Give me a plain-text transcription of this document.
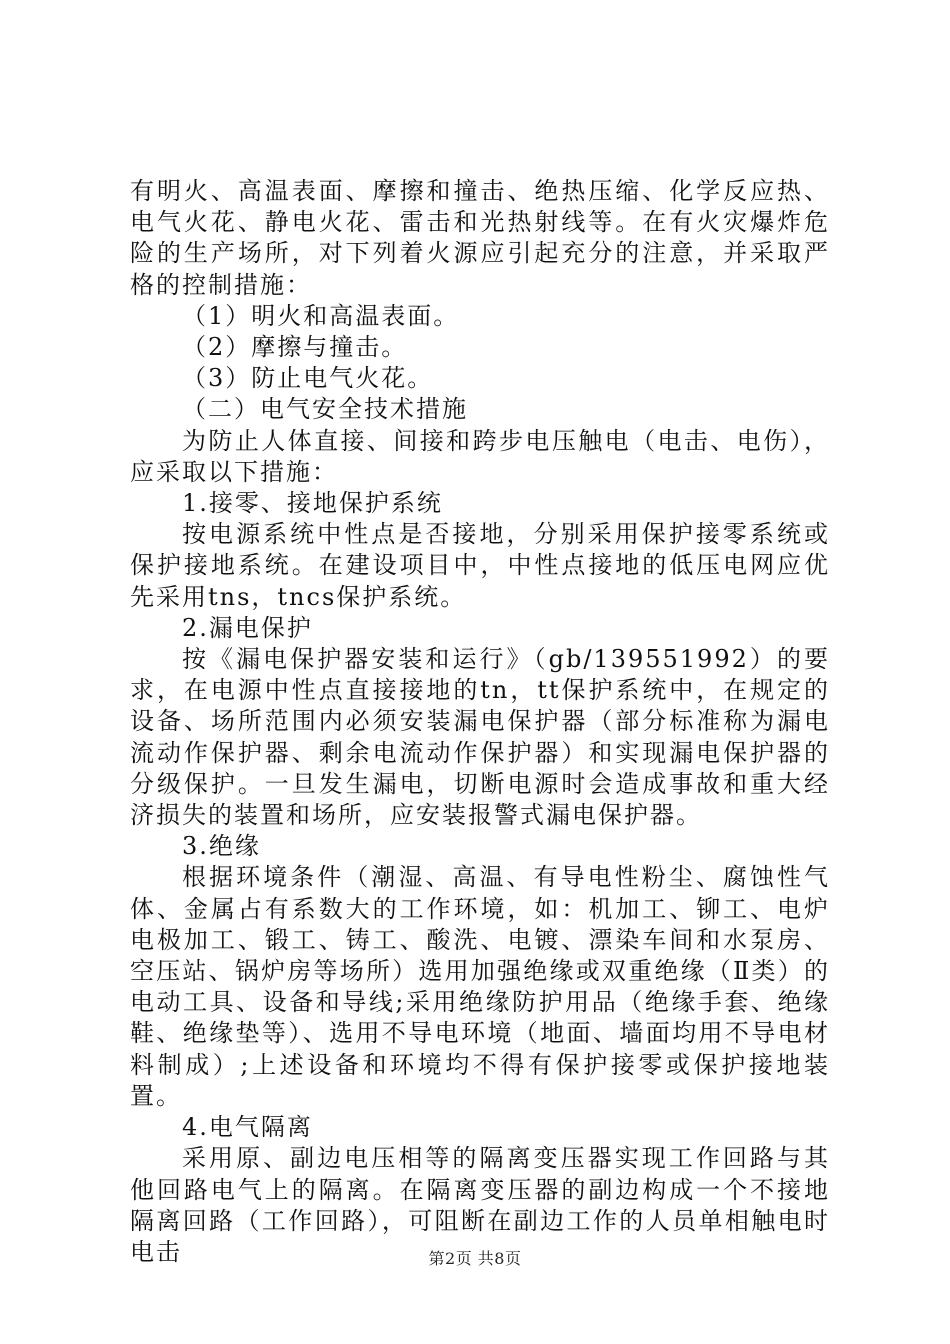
有明火、高温表面、摩擦和撞击、绝热压缩、化学反应热、电气火花、静电火花、雷击和光热射线等。在有火灾爆炸危险的生产场所，对下列着火源应引起充分的注意，并采取严格的控制措施：

（1）明火和高温表面。

（2）摩擦与撞击。

（3）防止电气火花。

（二）电气安全技术措施

为防止人体直接、间接和跨步电压触电（电击、电伤），应采取以下措施：

1.接零、接地保护系统

按电源系统中性点是否接地，分别采用保护接零系统或保护接地系统。在建设项目中，中性点接地的低压电网应优先采用tns，tncs保护系统。

2.漏电保护

按《漏电保护器安装和运行》（gb/139551992）的要求，在电源中性点直接接地的tn，tt保护系统中，在规定的设备、场所范围内必须安装漏电保护器（部分标准称为漏电流动作保护器、剩余电流动作保护器）和实现漏电保护器的分级保护。一旦发生漏电，切断电源时会造成事故和重大经济损失的装置和场所，应安装报警式漏电保护器。

3.绝缘

根据环境条件（潮湿、高温、有导电性粉尘、腐蚀性气体、金属占有系数大的工作环境，如：机加工、铆工、电炉电极加工、锻工、铸工、酸洗、电镀、漂染车间和水泵房、空压站、锅炉房等场所）选用加强绝缘或双重绝缘（Ⅱ类）的电动工具、设备和导线;采用绝缘防护用品（绝缘手套、绝缘鞋、绝缘垫等）、选用不导电环境（地面、墙面均用不导电材料制成）;上述设备和环境均不得有保护接零或保护接地装置。

4.电气隔离

采用原、副边电压相等的隔离变压器实现工作回路与其他回路电气上的隔离。在隔离变压器的副边构成一个不接地隔离回路（工作回路），可阻断在副边工作的人员单相触电时电击	第2页 共8页
